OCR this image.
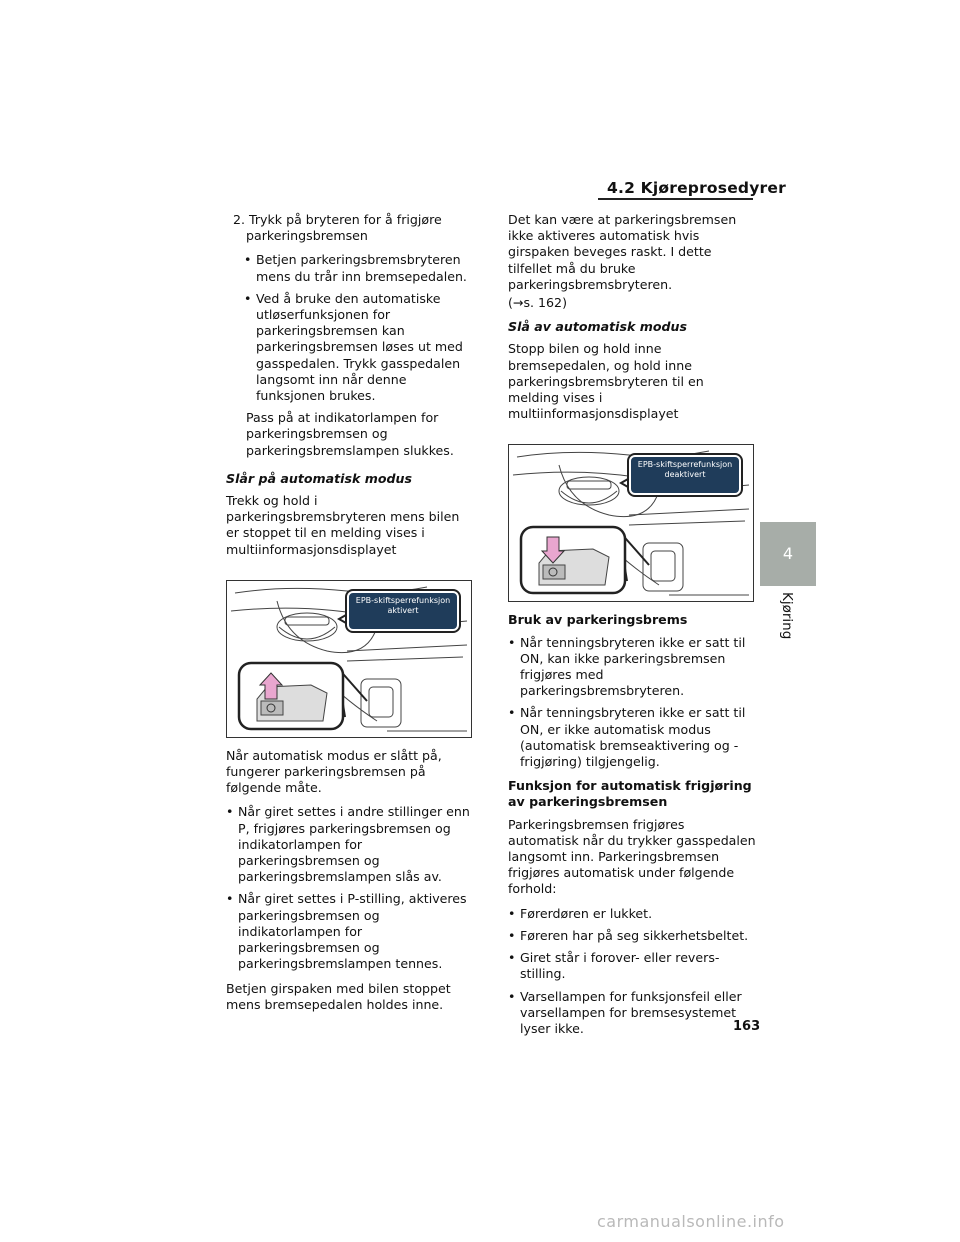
4.2 Kjøreprosedyrer
4
Kjøring
2. Trykk på bryteren for å frigjøre parkeringsbremsen
• Betjen parkeringsbremsbryteren mens du trår inn bremsepedalen.
• Ved å bruke den automatiske utløserfunksjonen for parkeringsbremsen kan parkeringsbremsen løses ut med gasspedalen. Trykk gasspedalen langsomt inn når denne funksjonen brukes.

Pass på at indikatorlampen for parkeringsbremsen og parkeringsbremslampen slukkes.

Slår på automatisk modus

Trekk og hold i parkeringsbremsbryteren mens bilen er stoppet til en melding vises i multiinformasjonsdisplayet

EPB-skiftsperrefunksjon aktivert

Når automatisk modus er slått på, fungerer parkeringsbremsen på følgende måte.

• Når giret settes i andre stillinger enn P, frigjøres parkeringsbremsen og indikatorlampen for parkeringsbremsen og parkeringsbremslampen slås av.
• Når giret settes i P-stilling, aktiveres parkeringsbremsen og indikatorlampen for parkeringsbremsen og parkeringsbremslampen tennes.

Betjen girspaken med bilen stoppet mens bremsepedalen holdes inne.

Det kan være at parkeringsbremsen ikke aktiveres automatisk hvis girspaken beveges raskt. I dette tilfellet må du bruke parkeringsbremsbryteren.

(→s. 162)

Slå av automatisk modus

Stopp bilen og hold inne bremsepedalen, og hold inne parkeringsbremsbryteren til en melding vises i multiinformasjonsdisplayet

EPB-skiftsperrefunksjon deaktivert
Bruk av parkeringsbrems
• Når tenningsbryteren ikke er satt til ON, kan ikke parkeringsbremsen frigjøres med parkeringsbremsbryteren.
• Når tenningsbryteren ikke er satt til ON, er ikke automatisk modus (automatisk bremseaktivering og -frigjøring) tilgjengelig.
Funksjon for automatisk frigjøring av parkeringsbremsen

Parkeringsbremsen frigjøres automatisk når du trykker gasspedalen langsomt inn. Parkeringsbremsen frigjøres automatisk under følgende forhold:

• Førerdøren er lukket.
• Føreren har på seg sikkerhetsbeltet.
• Giret står i forover- eller revers-stilling.
• Varsellampen for funksjonsfeil eller varsellampen for bremsesystemet lyser ikke.	163
carmanualsonline.info
